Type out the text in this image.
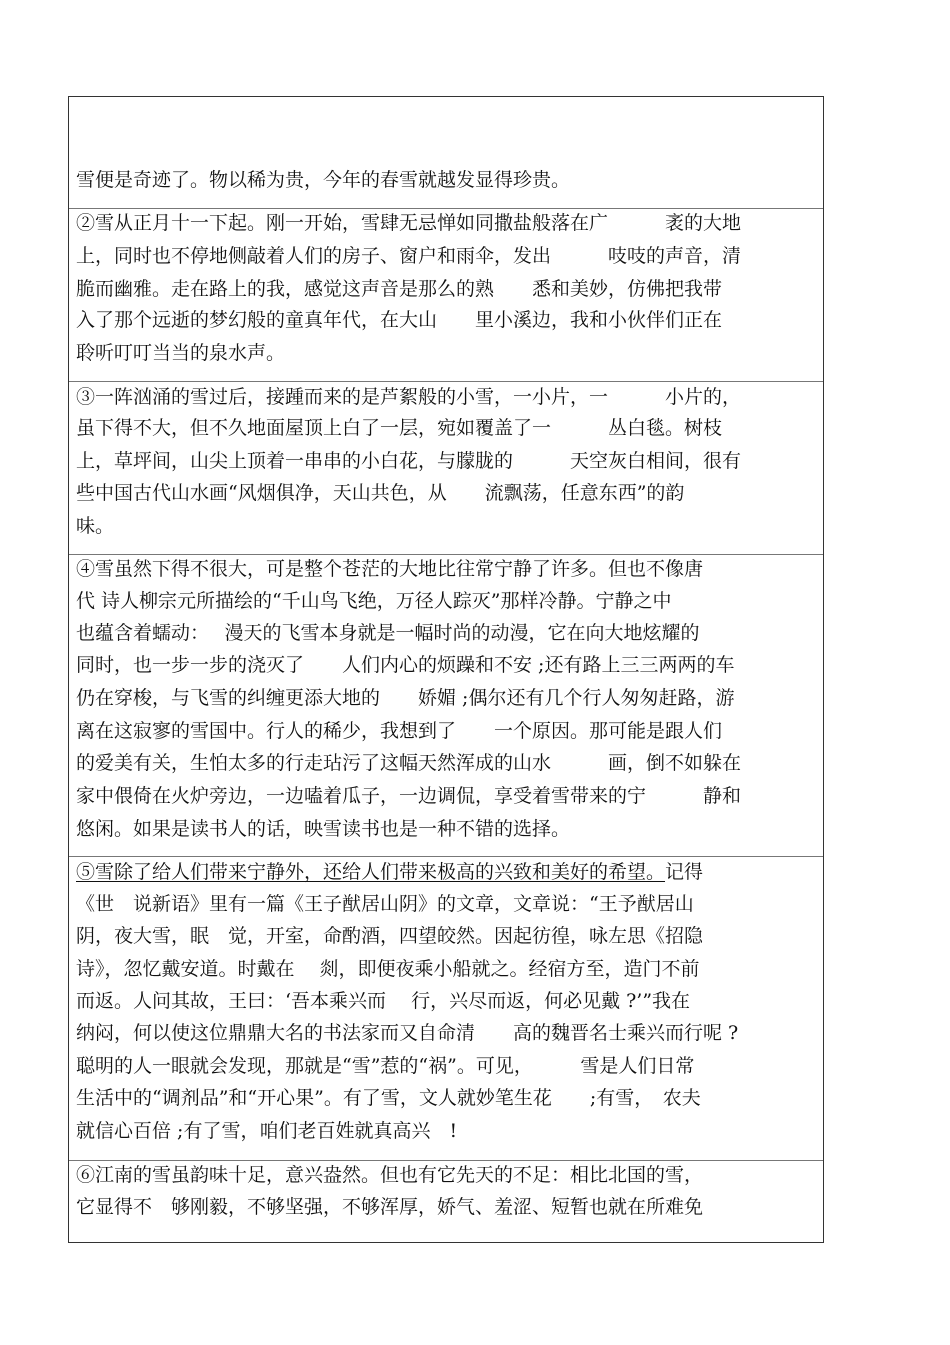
雪便是奇迹了。物以稀为贵，今年的春雪就越发显得珍贵。
②雪从正月十一下起。刚一开始，雪肆无忌惮如同撒盐般落在广　　　袤的大地
上，同时也不停地侧敲着人们的房子、窗户和雨伞，发出　　　吱吱的声音，清
脆而幽雅。走在路上的我，感觉这声音是那么的熟　　悉和美妙，仿佛把我带
入了那个远逝的梦幻般的童真年代，在大山　　里小溪边，我和小伙伴们正在
聆听叮叮当当的泉水声。
③一阵汹涌的雪过后，接踵而来的是芦絮般的小雪，一小片，一　　　小片的，
虽下得不大，但不久地面屋顶上白了一层，宛如覆盖了一　　　丛白毯。树枝
上，草坪间，山尖上顶着一串串的小白花，与朦胧的　　　天空灰白相间，很有
些中国古代山水画“风烟俱净，天山共色，从　　流飘荡，任意东西”的韵
味。
④雪虽然下得不很大，可是整个苍茫的大地比往常宁静了许多。但也不像唐
代 诗人柳宗元所描绘的“千山鸟飞绝，万径人踪灭”那样冷静。宁静之中
也蕴含着蠕动：　 漫天的飞雪本身就是一幅时尚的动漫，它在向大地炫耀的
同时，也一步一步的浇灭了　　人们内心的烦躁和不安 ;还有路上三三两两的车
仍在穿梭，与飞雪的纠缠更添大地的　　娇媚 ;偶尔还有几个行人匆匆赶路，游
离在这寂寥的雪国中。行人的稀少，我想到了　　一个原因。那可能是跟人们
的爱美有关，生怕太多的行走玷污了这幅天然浑成的山水　　　画，倒不如躲在
家中偎倚在火炉旁边，一边嗑着瓜子，一边调侃，享受着雪带来的宁　　　静和
悠闲。如果是读书人的话，映雪读书也是一种不错的选择。
⑤雪除了给人们带来宁静外，还给人们带来极高的兴致和美好的希望。记得
《世　说新语》里有一篇《王子猷居山阴》的文章，文章说：“王予猷居山
阴，夜大雪，眠　觉，开室，命酌酒，四望皎然。因起彷徨，咏左思《招隐
诗》，忽忆戴安道。时戴在　 剡，即便夜乘小船就之。经宿方至，造门不前
而返。人问其故，王曰：‘吾本乘兴而　 行，兴尽而返，何必见戴 ?’”我在
纳闷，何以使这位鼎鼎大名的书法家而又自命清　　高的魏晋名士乘兴而行呢 ?
聪明的人一眼就会发现，那就是“雪”惹的“祸”。可见，　　　雪是人们日常
生活中的“调剂品”和“开心果”。有了雪，文人就妙笔生花　　;有雪，　农夫
就信心百倍 ;有了雪，咱们老百姓就真高兴　!
⑥江南的雪虽韵味十足，意兴盎然。但也有它先天的不足：相比北国的雪，
它显得不　够刚毅，不够坚强，不够浑厚，娇气、羞涩、短暂也就在所难免
